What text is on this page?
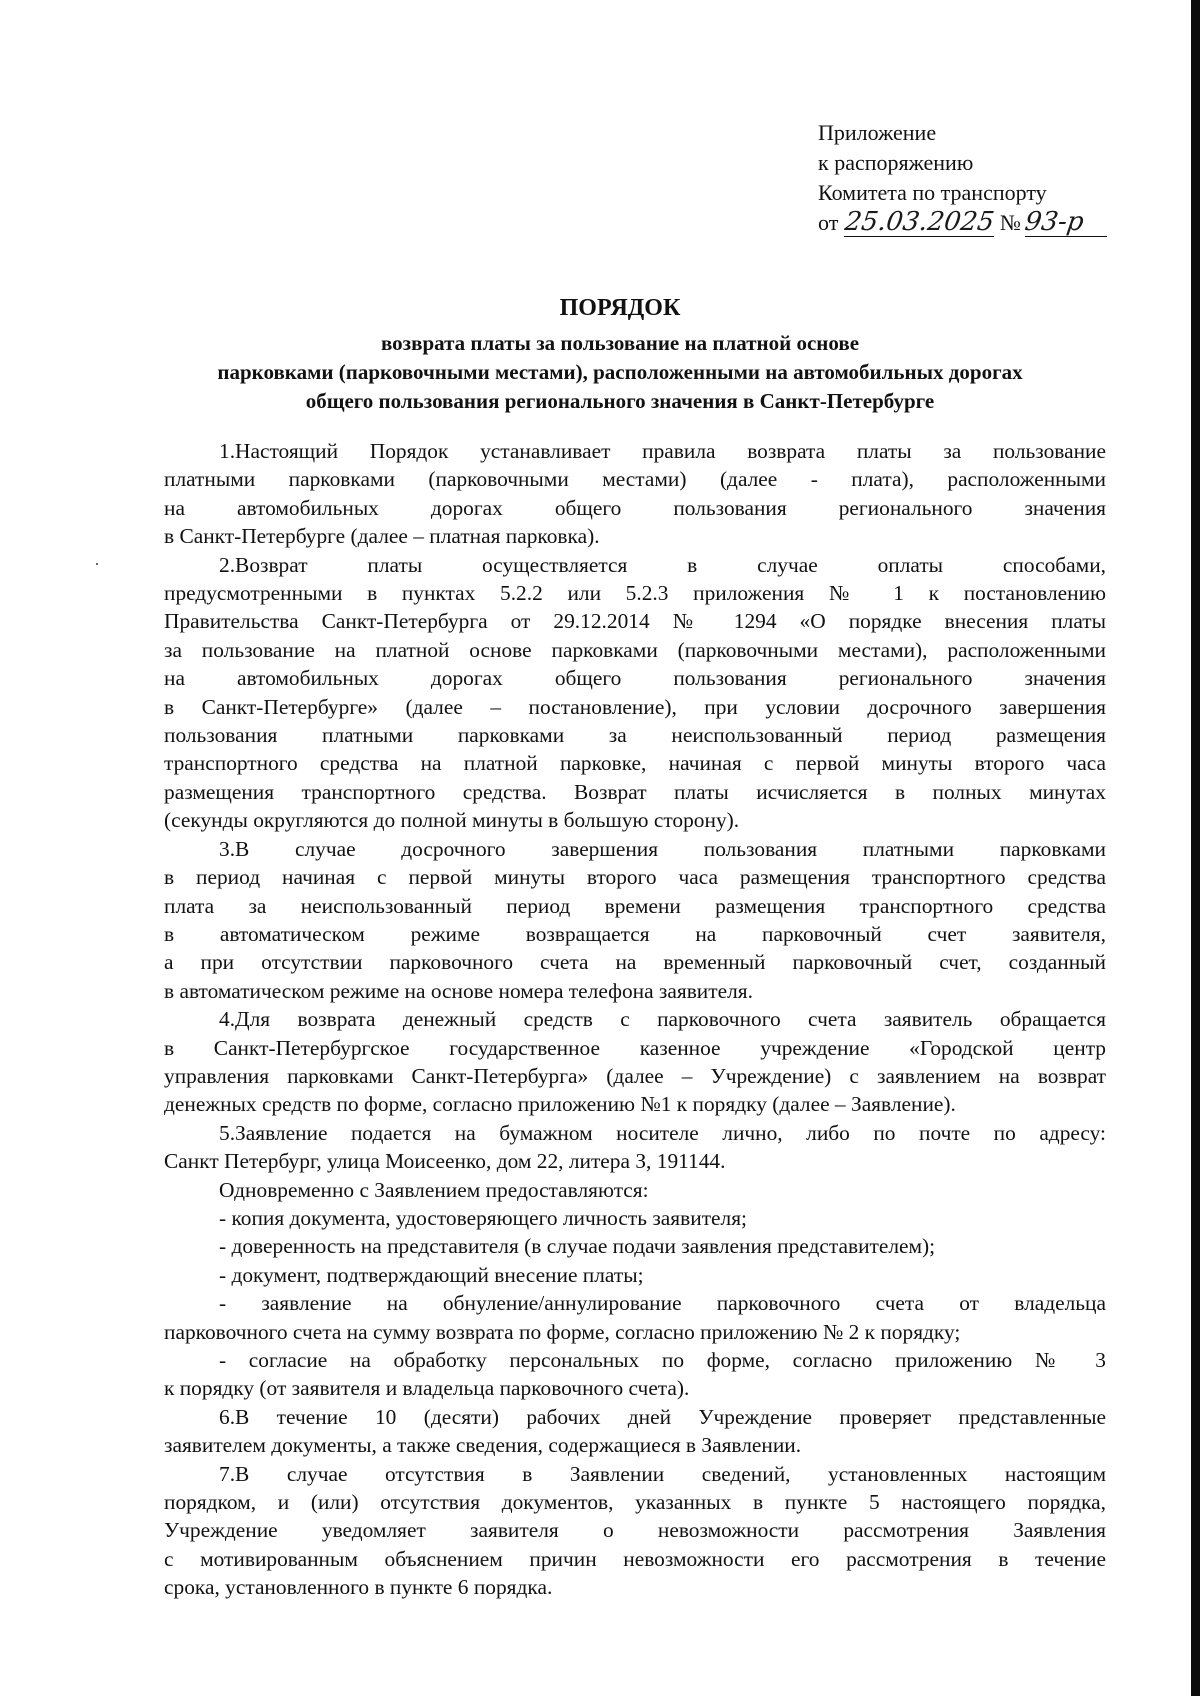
Приложение
к распоряжению
Комитета по транспорту
от 25.03.2025 №93-р
ПОРЯДОК
возврата платы за пользование на платной основе
парковками (парковочными местами), расположенными на автомобильных дорогах
общего пользования регионального значения в Санкт-Петербурге
1.Настоящий Порядок устанавливает правила возврата платы за пользование
платными парковками (парковочными местами) (далее - плата), расположенными
на автомобильных дорогах общего пользования регионального значения
в Санкт-Петербурге (далее – платная парковка).
2.Возврат платы осуществляется в случае оплаты способами,
предусмотренными в пунктах 5.2.2 или 5.2.3 приложения № 1 к постановлению
Правительства Санкт-Петербурга от 29.12.2014 № 1294 «О порядке внесения платы
за пользование на платной основе парковками (парковочными местами), расположенными
на автомобильных дорогах общего пользования регионального значения
в Санкт-Петербурге» (далее – постановление), при условии досрочного завершения
пользования платными парковками за неиспользованный период размещения
транспортного средства на платной парковке, начиная с первой минуты второго часа
размещения транспортного средства. Возврат платы исчисляется в полных минутах
(секунды округляются до полной минуты в большую сторону).
3.В случае досрочного завершения пользования платными парковками
в период начиная с первой минуты второго часа размещения транспортного средства
плата за неиспользованный период времени размещения транспортного средства
в автоматическом режиме возвращается на парковочный счет заявителя,
а при отсутствии парковочного счета на временный парковочный счет, созданный
в автоматическом режиме на основе номера телефона заявителя.
4.Для возврата денежный средств с парковочного счета заявитель обращается
в Санкт-Петербургское государственное казенное учреждение «Городской центр
управления парковками Санкт-Петербурга» (далее – Учреждение) с заявлением на возврат
денежных средств по форме, согласно приложению №1 к порядку (далее – Заявление).
5.Заявление подается на бумажном носителе лично, либо по почте по адресу:
Санкт Петербург, улица Моисеенко, дом 22, литера З, 191144.
Одновременно с Заявлением предоставляются:
- копия документа, удостоверяющего личность заявителя;
- доверенность на представителя (в случае подачи заявления представителем);
- документ, подтверждающий внесение платы;
- заявление на обнуление/аннулирование парковочного счета от владельца
парковочного счета на сумму возврата по форме, согласно приложению № 2 к порядку;
- согласие на обработку персональных по форме, согласно приложению № 3
к порядку (от заявителя и владельца парковочного счета).
6.В течение 10 (десяти) рабочих дней Учреждение проверяет представленные
заявителем документы, а также сведения, содержащиеся в Заявлении.
7.В случае отсутствия в Заявлении сведений, установленных настоящим
порядком, и (или) отсутствия документов, указанных в пункте 5 настоящего порядка,
Учреждение уведомляет заявителя о невозможности рассмотрения Заявления
с мотивированным объяснением причин невозможности его рассмотрения в течение
срока, установленного в пункте 6 порядка.
